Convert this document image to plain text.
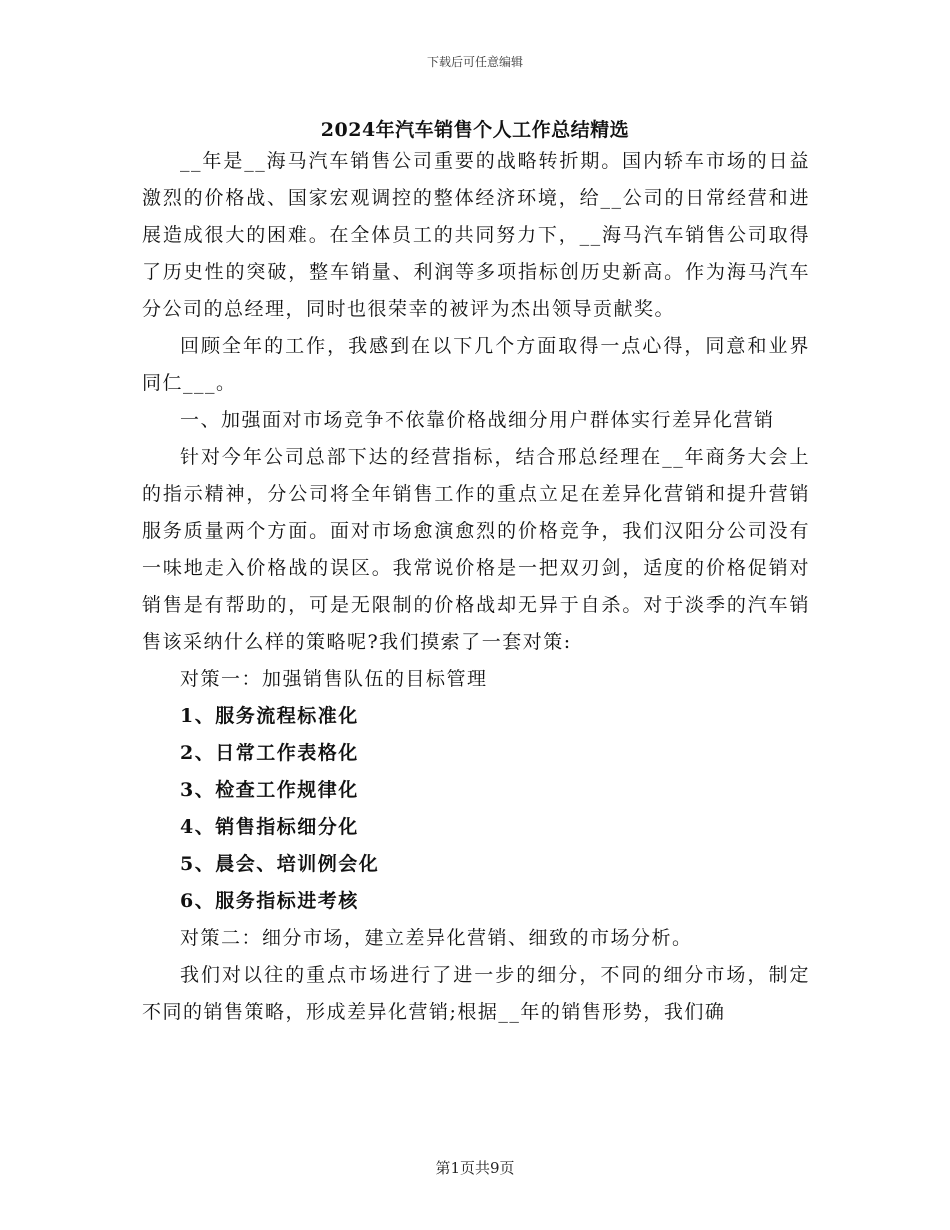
下载后可任意编辑
2024年汽车销售个人工作总结精选

__年是__海马汽车销售公司重要的战略转折期。国内轿车市场的日益激烈的价格战、国家宏观调控的整体经济环境，给__公司的日常经营和进展造成很大的困难。在全体员工的共同努力下，__海马汽车销售公司取得了历史性的突破，整车销量、利润等多项指标创历史新高。作为海马汽车分公司的总经理，同时也很荣幸的被评为杰出领导贡献奖。

回顾全年的工作，我感到在以下几个方面取得一点心得，同意和业界同仁___。

一、加强面对市场竞争不依靠价格战细分用户群体实行差异化营销

针对今年公司总部下达的经营指标，结合邢总经理在__年商务大会上的指示精神，分公司将全年销售工作的重点立足在差异化营销和提升营销服务质量两个方面。面对市场愈演愈烈的价格竞争，我们汉阳分公司没有一味地走入价格战的误区。我常说价格是一把双刃剑，适度的价格促销对销售是有帮助的，可是无限制的价格战却无异于自杀。对于淡季的汽车销售该采纳什么样的策略呢?我们摸索了一套对策:

对策一：加强销售队伍的目标管理

1、服务流程标准化

2、日常工作表格化

3、检查工作规律化

4、销售指标细分化

5、晨会、培训例会化

6、服务指标进考核

对策二：细分市场，建立差异化营销、细致的市场分析。

我们对以往的重点市场进行了进一步的细分，不同的细分市场，制定不同的销售策略，形成差异化营销;根据__年的销售形势，我们确

第1页共9页
